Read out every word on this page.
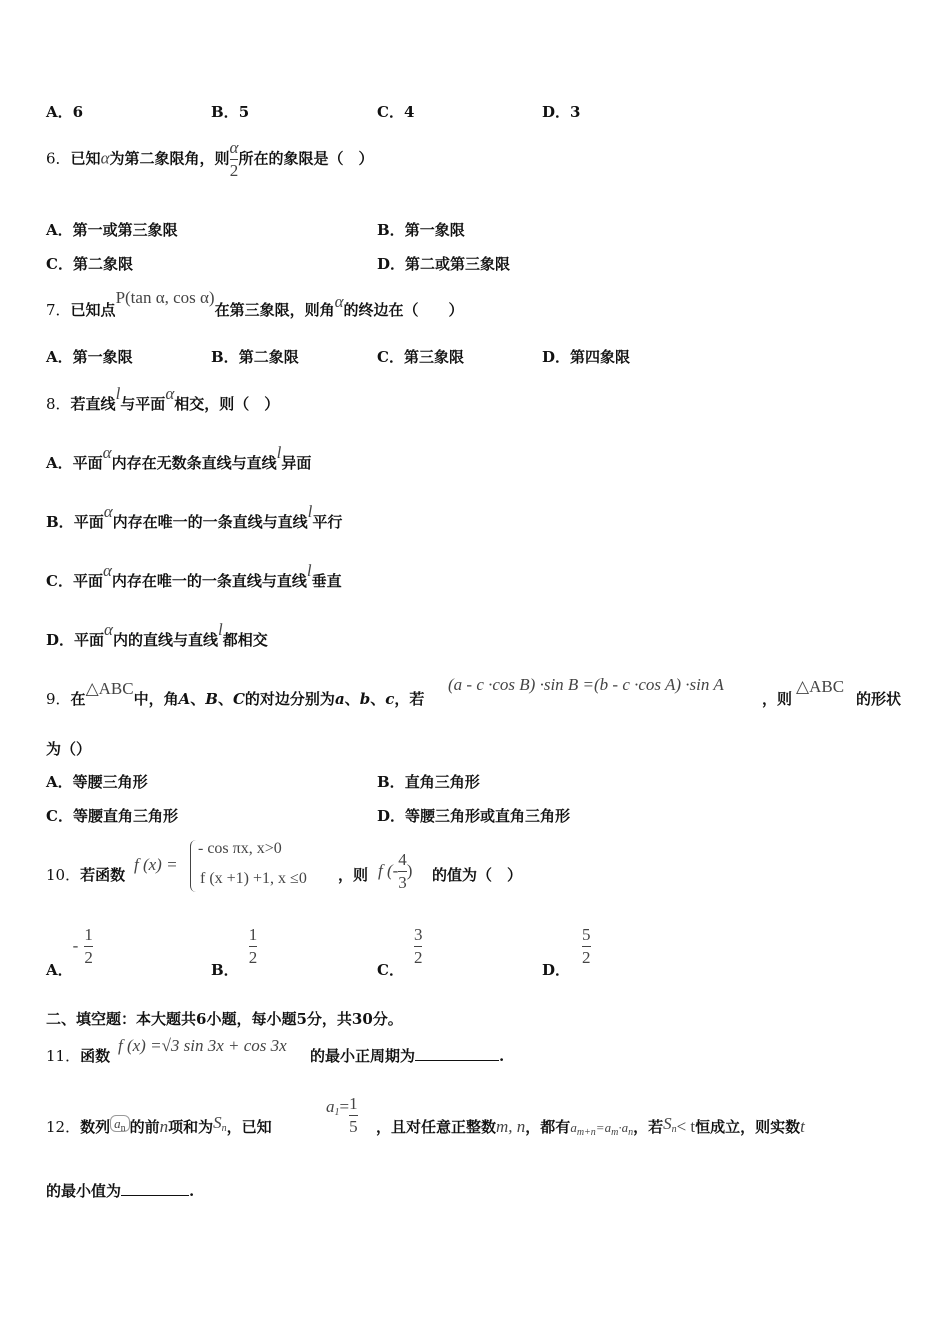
A．6	B．5	C．4	D．3
6．已知α为第二象限角，则 $\frac{\alpha}{2}$ 所在的象限是（　）
A．第一或第三象限	B．第一象限
C．第二象限	D．第二或第三象限
7．已知点P(tan α, cos α)在第三象限，则角α的终边在（　　）
A．第一象限	B．第二象限	C．第三象限	D．第四象限
8．若直线l与平面α相交，则（　）
A．平面α内存在无数条直线与直线l异面
B．平面α内存在唯一的一条直线与直线l平行
C．平面α内存在唯一的一条直线与直线l垂直
D．平面α内的直线与直线l都相交
9．在△ABC中，角A、B、C的对边分别为a、b、c，若
(a - c ·cos B) ·sin B =(b - c ·cos A) ·sin A
，则
△ABC
的形状
为（）
A．等腰三角形	B．直角三角形
C．等腰直角三角形	D．等腰三角形或直角三角形
10．若函数
f (x) =
- cos πx, x>0
f (x +1) +1, x ≤0 ，则 f (- $\frac{4}{3}$ ) 的值为（　）
A．- $\frac{1}{2}$
B．
$\frac{1}{2}$
C．
$\frac{3}{2}$
D．
$\frac{5}{2}$
二、填空题：本大题共6小题，每小题5分，共30分。
11．函数
f (x) =√3 sin 3x + cos 3x
的最小正周期为	.
12．数列 $a_n$ 的前n项和为$S_n$，已知
$a_1= \frac{1}{5}$ ，且对任意正整数m, n，都有$a_{m+n}=a_m\cdot a_n$，若$S_n< t$恒成立，则实数t
的最小值为	.
